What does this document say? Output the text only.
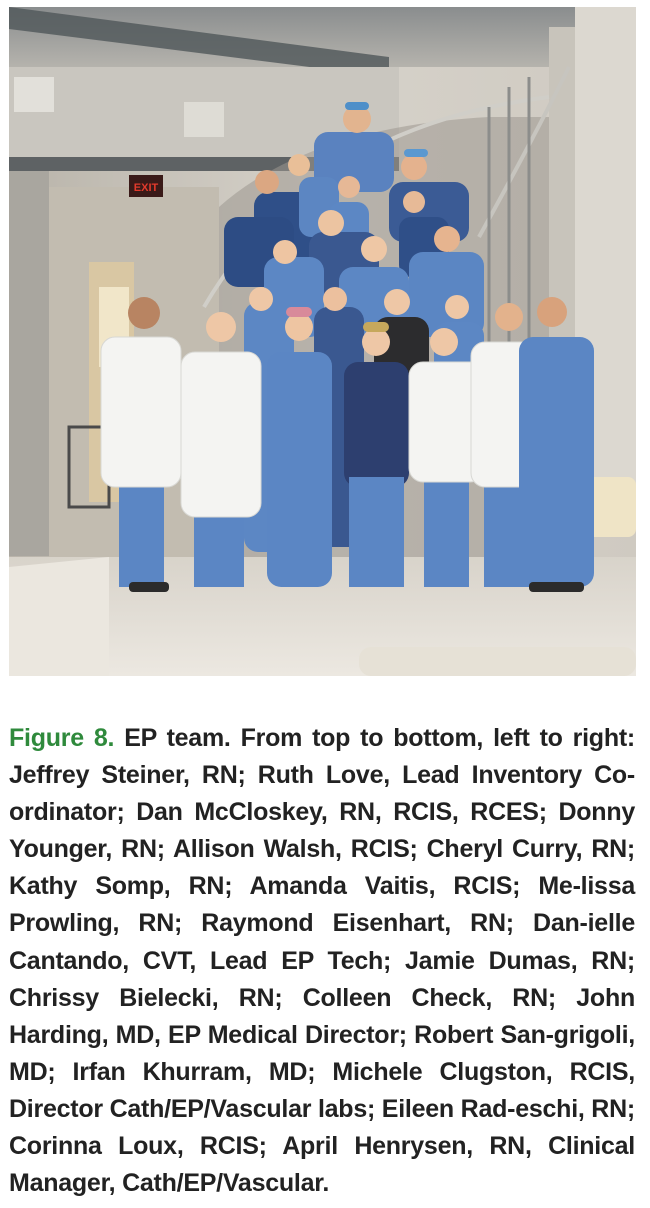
EXIT
Figure 8. EP team. From top to bottom, left to right: Jeffrey Steiner, RN; Ruth Love, Lead Inventory Co-ordinator; Dan McCloskey, RN, RCIS, RCES; Donny Younger, RN; Allison Walsh, RCIS; Cheryl Curry, RN; Kathy Somp, RN; Amanda Vaitis, RCIS; Me-lissa Prowling, RN; Raymond Eisenhart, RN; Dan-ielle Cantando, CVT, Lead EP Tech; Jamie Dumas, RN; Chrissy Bielecki, RN; Colleen Check, RN; John Harding, MD, EP Medical Director; Robert San-grigoli, MD; Irfan Khurram, MD; Michele Clugston, RCIS, Director Cath/EP/Vascular labs; Eileen Rad-eschi, RN; Corinna Loux, RCIS; April Henrysen, RN, Clinical Manager, Cath/EP/Vascular.
